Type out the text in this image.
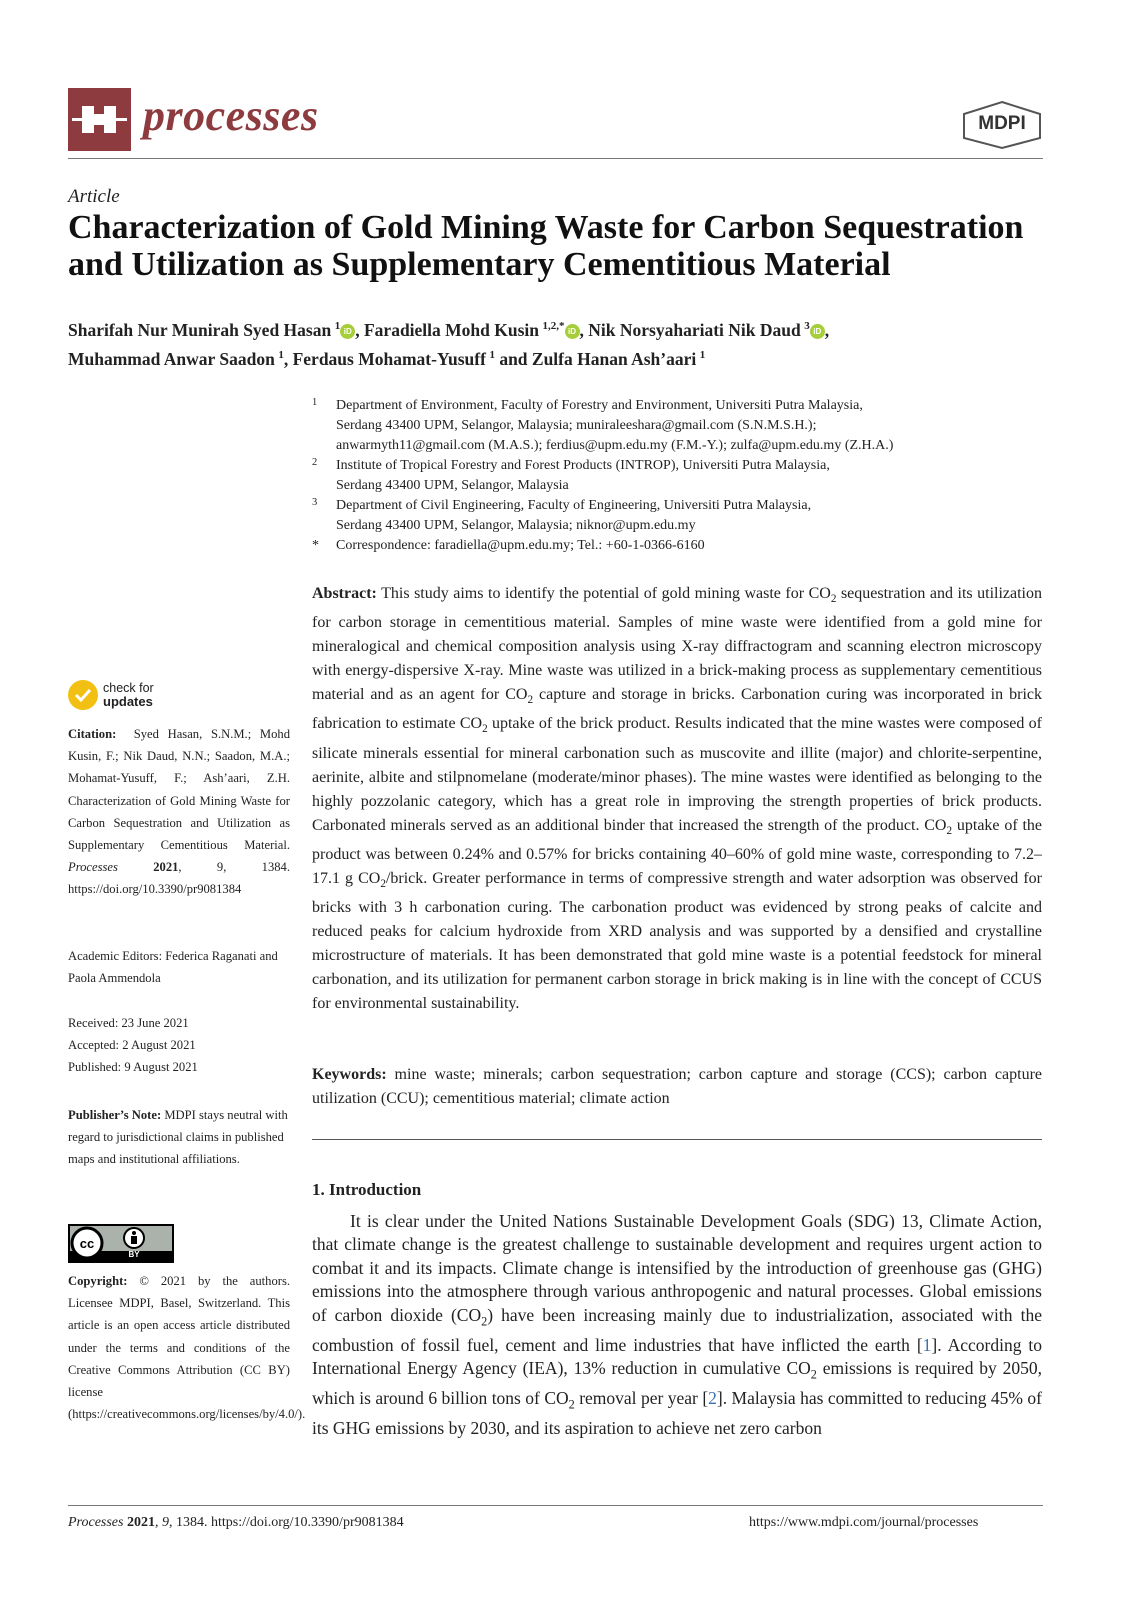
processes	MDPI
Article
Characterization of Gold Mining Waste for Carbon Sequestration and Utilization as Supplementary Cementitious Material
Sharifah Nur Munirah Syed Hasan  $^1$ iD , Faradiella Mohd Kusin  $^{1,2,*}$ iD , Nik Norsyahariati Nik Daud  $^3$ iD ,
Muhammad Anwar Saadon  $^1$, Ferdaus Mohamat-Yusuff  $^1$ and Zulfa Hanan Ash’aari  $^1$
1 Department of Environment, Faculty of Forestry and Environment, Universiti Putra Malaysia,
Serdang 43400 UPM, Selangor, Malaysia; muniraleeshara@gmail.com (S.N.M.S.H.);
anwarmyth11@gmail.com (M.A.S.); ferdius@upm.edu.my (F.M.-Y.); zulfa@upm.edu.my (Z.H.A.)
2 Institute of Tropical Forestry and Forest Products (INTROP), Universiti Putra Malaysia,
Serdang 43400 UPM, Selangor, Malaysia
3 Department of Civil Engineering, Faculty of Engineering, Universiti Putra Malaysia,
Serdang 43400 UPM, Selangor, Malaysia; niknor@upm.edu.my
* Correspondence: faradiella@upm.edu.my; Tel.: +60-1-0366-6160
check for
updates
Citation: Syed Hasan, S.N.M.; Mohd Kusin, F.; Nik Daud, N.N.; Saadon, M.A.; Mohamat-Yusuff, F.; Ash’aari, Z.H. Characterization of Gold Mining Waste for Carbon Sequestration and Utilization as Supplementary Cementitious Material. Processes	2021, 9, 1384. https://doi.org/10.3390/pr9081384
Academic Editors: Federica Raganati and Paola Ammendola
Received: 23 June 2021
Accepted: 2 August 2021
Published: 9 August 2021
Publisher’s Note: MDPI stays neutral with regard to jurisdictional claims in published maps and institutional affiliations.
cc
BY
Copyright: © 2021 by the authors. Licensee MDPI, Basel, Switzerland. This article is an open access article distributed under the terms and conditions of the Creative Commons Attribution (CC BY) license (https://creativecommons.org/licenses/by/4.0/).
Abstract: This study aims to identify the potential of gold mining waste for $CO_2$ sequestration and its utilization for carbon storage in cementitious material. Samples of mine waste were identified from a gold mine for mineralogical and chemical composition analysis using X-ray diffractogram and scanning electron microscopy with energy-dispersive X-ray. Mine waste was utilized in a brick-making process as supplementary cementitious material and as an agent for $CO_2$ capture and storage in bricks. Carbonation curing was incorporated in brick fabrication to estimate $CO_2$ uptake of the brick product. Results indicated that the mine wastes were composed of silicate minerals essential for mineral carbonation such as muscovite and illite (major) and chlorite-serpentine, aerinite, albite and stilpnomelane (moderate/minor phases). The mine wastes were identified as belonging to the highly pozzolanic category, which has a great role in improving the strength properties of brick products. Carbonated minerals served as an additional binder that increased the strength of the product. $CO_2$ uptake of the product was between 0.24% and 0.57% for bricks containing 40–60% of gold mine waste, corresponding to 7.2–17.1 g $CO_2$/brick. Greater performance in terms of compressive strength and water adsorption was observed for bricks with 3 h carbonation curing. The carbonation product was evidenced by strong peaks of calcite and reduced peaks for calcium hydroxide from XRD analysis and was supported by a densified and crystalline microstructure of materials. It has been demonstrated that gold mine waste is a potential feedstock for mineral carbonation, and its utilization for permanent carbon storage in brick making is in line with the concept of CCUS for environmental sustainability.
Keywords: mine waste; minerals; carbon sequestration; carbon capture and storage (CCS); carbon capture utilization (CCU); cementitious material; climate action
1. Introduction

It is clear under the United Nations Sustainable Development Goals (SDG) 13, Climate Action, that climate change is the greatest challenge to sustainable development and requires urgent action to combat it and its impacts. Climate change is intensified by the introduction of greenhouse gas (GHG) emissions into the atmosphere through various anthropogenic and natural processes. Global emissions of carbon dioxide $(CO_2)$ have been increasing mainly due to industrialization, associated with the combustion of fossil fuel, cement and lime industries that have inflicted the earth [1]. According to International Energy Agency (IEA), 13% reduction in cumulative $CO_2$ emissions is required by 2050, which is around 6 billion tons of $CO_2$ removal per year [2]. Malaysia has committed to reducing 45% of its GHG emissions by 2030, and its aspiration to achieve net zero carbon

Processes 2021, 9, 1384. https://doi.org/10.3390/pr9081384	https://www.mdpi.com/journal/processes
